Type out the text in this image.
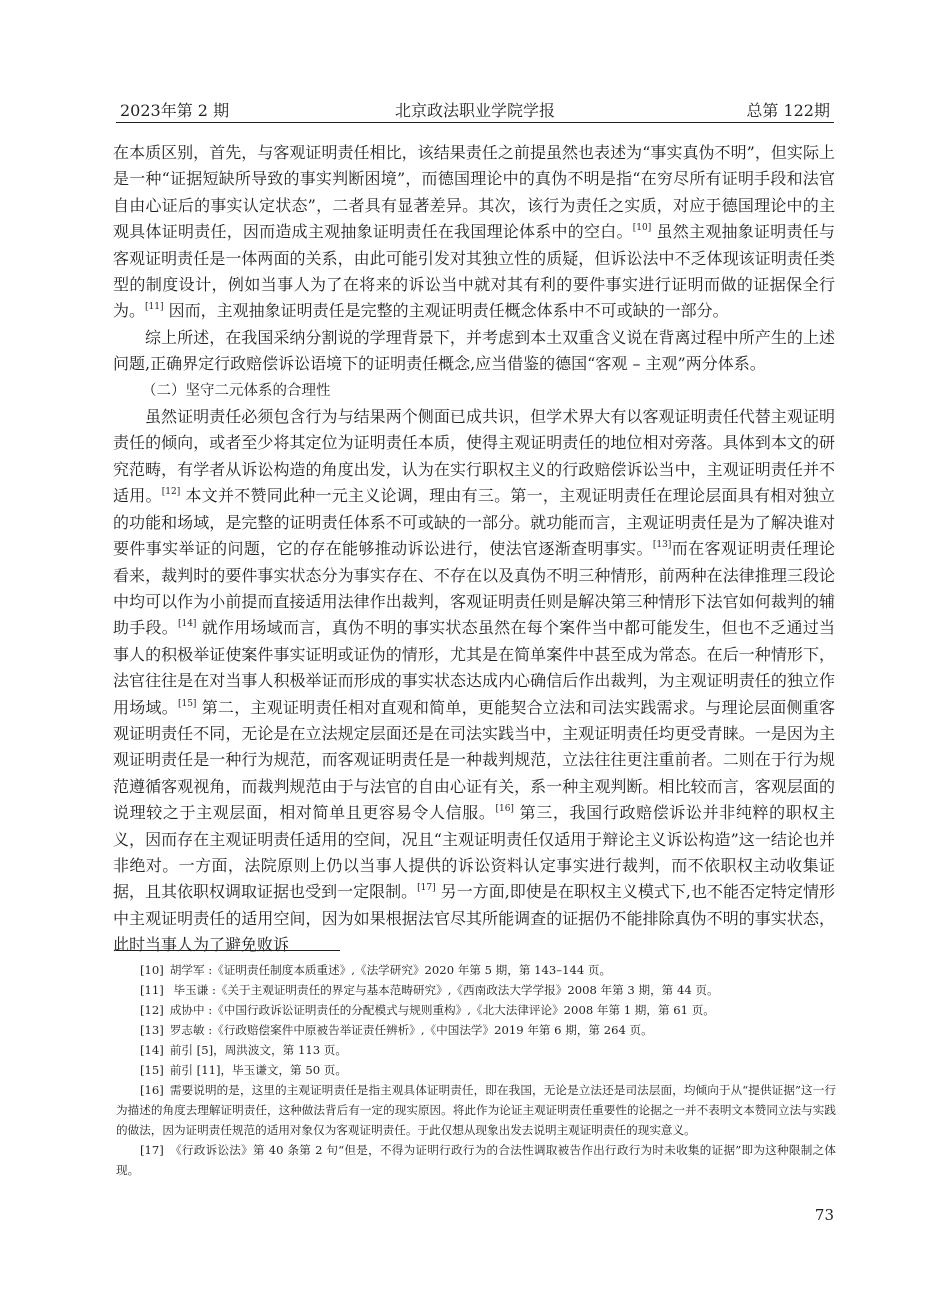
2023年第 2 期	北京政法职业学院学报	总第 122期

在本质区别，首先，与客观证明责任相比，该结果责任之前提虽然也表述为“事实真伪不明”，但实际上是一种“证据短缺所导致的事实判断困境”，而德国理论中的真伪不明是指“在穷尽所有证明手段和法官自由心证后的事实认定状态”，二者具有显著差异。其次，该行为责任之实质，对应于德国理论中的主观具体证明责任，因而造成主观抽象证明责任在我国理论体系中的空白。[10] 虽然主观抽象证明责任与客观证明责任是一体两面的关系，由此可能引发对其独立性的质疑，但诉讼法中不乏体现该证明责任类型的制度设计，例如当事人为了在将来的诉讼当中就对其有利的要件事实进行证明而做的证据保全行为。[11] 因而，主观抽象证明责任是完整的主观证明责任概念体系中不可或缺的一部分。

综上所述，在我国采纳分割说的学理背景下，并考虑到本土双重含义说在背离过程中所产生的上述问题,正确界定行政赔偿诉讼语境下的证明责任概念,应当借鉴的德国“客观 – 主观”两分体系。

（二）坚守二元体系的合理性

虽然证明责任必须包含行为与结果两个侧面已成共识，但学术界大有以客观证明责任代替主观证明责任的倾向，或者至少将其定位为证明责任本质，使得主观证明责任的地位相对旁落。具体到本文的研究范畴，有学者从诉讼构造的角度出发，认为在实行职权主义的行政赔偿诉讼当中，主观证明责任并不适用。[12] 本文并不赞同此种一元主义论调，理由有三。第一，主观证明责任在理论层面具有相对独立的功能和场域，是完整的证明责任体系不可或缺的一部分。就功能而言，主观证明责任是为了解决谁对要件事实举证的问题，它的存在能够推动诉讼进行，使法官逐渐查明事实。[13]而在客观证明责任理论看来，裁判时的要件事实状态分为事实存在、不存在以及真伪不明三种情形，前两种在法律推理三段论中均可以作为小前提而直接适用法律作出裁判，客观证明责任则是解决第三种情形下法官如何裁判的辅助手段。[14] 就作用场域而言，真伪不明的事实状态虽然在每个案件当中都可能发生，但也不乏通过当事人的积极举证使案件事实证明或证伪的情形，尤其是在简单案件中甚至成为常态。在后一种情形下，法官往往是在对当事人积极举证而形成的事实状态达成内心确信后作出裁判，为主观证明责任的独立作用场域。[15] 第二，主观证明责任相对直观和简单，更能契合立法和司法实践需求。与理论层面侧重客观证明责任不同，无论是在立法规定层面还是在司法实践当中，主观证明责任均更受青睐。一是因为主观证明责任是一种行为规范，而客观证明责任是一种裁判规范，立法往往更注重前者。二则在于行为规范遵循客观视角，而裁判规范由于与法官的自由心证有关，系一种主观判断。相比较而言，客观层面的说理较之于主观层面，相对简单且更容易令人信服。[16] 第三，我国行政赔偿诉讼并非纯粹的职权主义，因而存在主观证明责任适用的空间，况且“主观证明责任仅适用于辩论主义诉讼构造”这一结论也并非绝对。一方面，法院原则上仍以当事人提供的诉讼资料认定事实进行裁判，而不依职权主动收集证据，且其依职权调取证据也受到一定限制。[17] 另一方面,即使是在职权主义模式下,也不能否定特定情形中主观证明责任的适用空间，因为如果根据法官尽其所能调查的证据仍不能排除真伪不明的事实状态，此时当事人为了避免败诉

[10] 胡学军 :《证明责任制度本质重述》,《法学研究》2020 年第 5 期，第 143–144 页。

[11] 毕玉谦 :《关于主观证明责任的界定与基本范畴研究》,《西南政法大学学报》2008 年第 3 期，第 44 页。

[12] 成协中 :《中国行政诉讼证明责任的分配模式与规则重构》,《北大法律评论》2008 年第 1 期，第 61 页。

[13] 罗志敏 :《行政赔偿案件中原被告举证责任辨析》,《中国法学》2019 年第 6 期，第 264 页。

[14] 前引 [5]，周洪波文，第 113 页。

[15] 前引 [11]，毕玉谦文，第 50 页。

[16] 需要说明的是，这里的主观证明责任是指主观具体证明责任，即在我国，无论是立法还是司法层面，均倾向于从“提供证据”这一行为描述的角度去理解证明责任，这种做法背后有一定的现实原因。将此作为论证主观证明责任重要性的论据之一并不表明文本赞同立法与实践的做法，因为证明责任规范的适用对象仅为客观证明责任。于此仅想从现象出发去说明主观证明责任的现实意义。

[17] 《行政诉讼法》第 40 条第 2 句“但是，不得为证明行政行为的合法性调取被告作出行政行为时未收集的证据”即为这种限制之体现。

73
